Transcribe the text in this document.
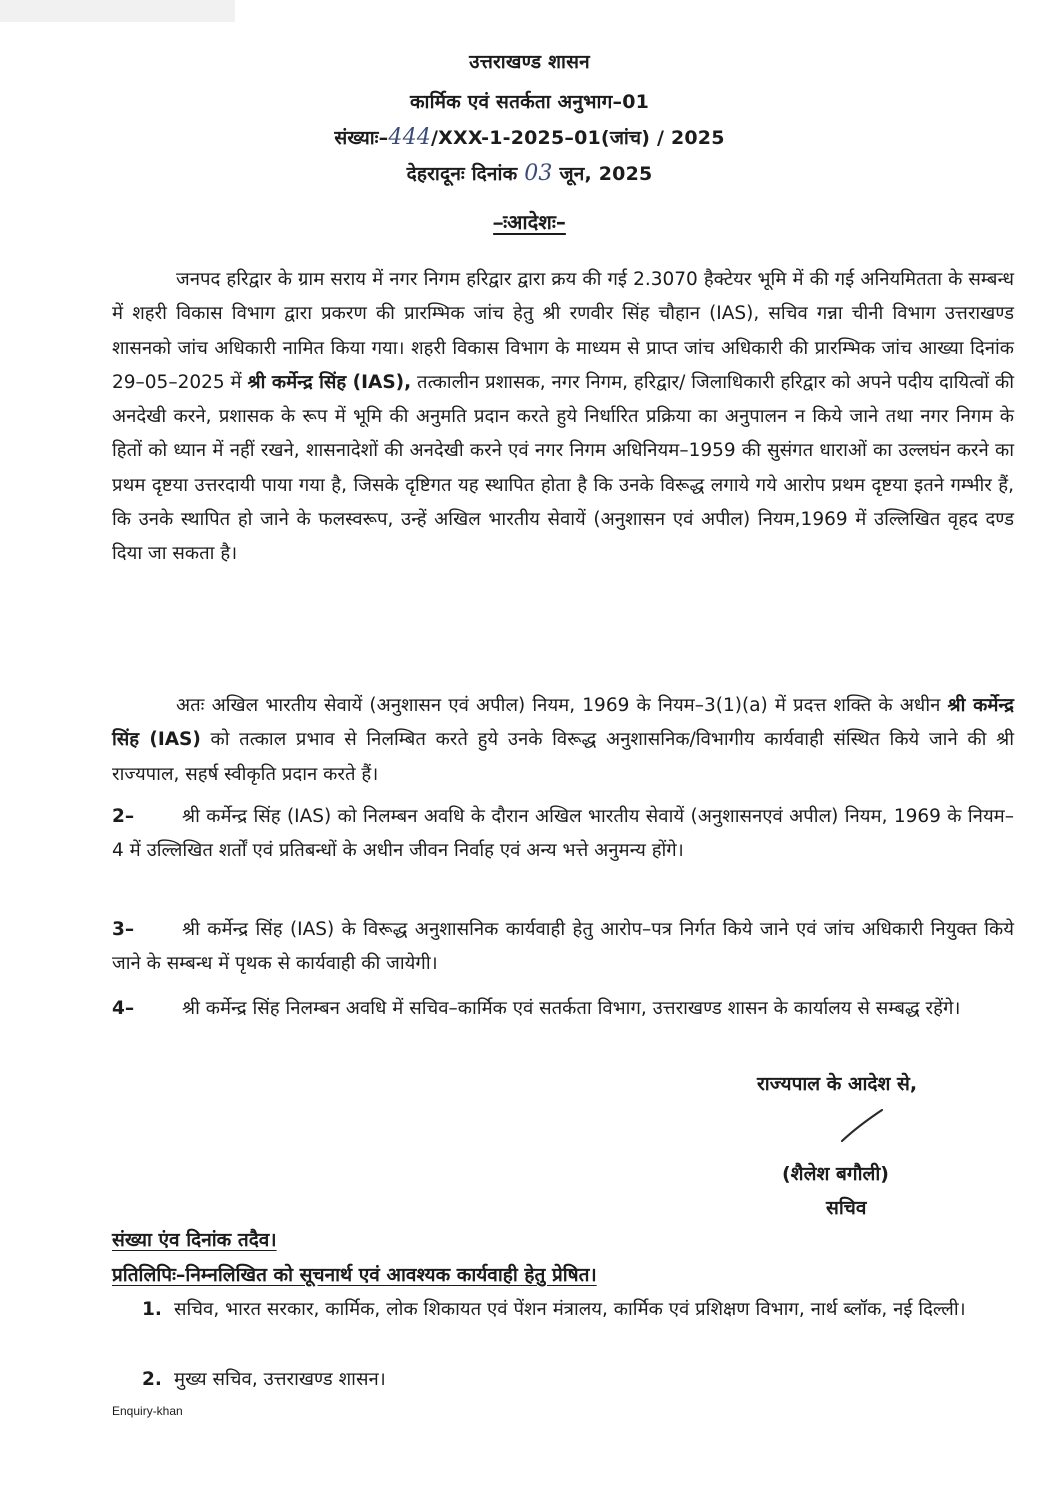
उत्तराखण्ड शासन
कार्मिक एवं सतर्कता अनुभाग–01
संख्याः–444/XXX-1-2025–01(जांच) / 2025
देहरादूनः दिनांक 03 जून, 2025
–ःआदेशः–

जनपद हरिद्वार के ग्राम सराय में नगर निगम हरिद्वार द्वारा क्रय की गई 2.3070 हैक्टेयर भूमि में की गई अनियमितता के सम्बन्ध में शहरी विकास विभाग द्वारा प्रकरण की प्रारम्भिक जांच हेतु श्री रणवीर सिंह चौहान (IAS), सचिव गन्ना चीनी विभाग उत्तराखण्ड शासनको जांच अधिकारी नामित किया गया। शहरी विकास विभाग के माध्यम से प्राप्त जांच अधिकारी की प्रारम्भिक जांच आख्या दिनांक 29–05–2025 में श्री कर्मेन्द्र सिंह (IAS), तत्कालीन प्रशासक, नगर निगम, हरिद्वार/ जिलाधिकारी हरिद्वार को अपने पदीय दायित्वों की अनदेखी करने, प्रशासक के रूप में भूमि की अनुमति प्रदान करते हुये निर्धारित प्रक्रिया का अनुपालन न किये जाने तथा नगर निगम के हितों को ध्यान में नहीं रखने, शासनादेशों की अनदेखी करने एवं नगर निगम अधिनियम–1959 की सुसंगत धाराओं का उल्लघंन करने का प्रथम दृष्टया उत्तरदायी पाया गया है, जिसके दृष्टिगत यह स्थापित होता है कि उनके विरूद्ध लगाये गये आरोप प्रथम दृष्टया इतने गम्भीर हैं, कि उनके स्थापित हो जाने के फलस्वरूप, उन्हें अखिल भारतीय सेवायें (अनुशासन एवं अपील) नियम,1969 में उल्लिखित वृहद दण्ड दिया जा सकता है।

अतः अखिल भारतीय सेवायें (अनुशासन एवं अपील) नियम, 1969 के नियम–3(1)(a) में प्रदत्त शक्ति के अधीन श्री कर्मेन्द्र सिंह (IAS) को तत्काल प्रभाव से निलम्बित करते हुये उनके विरूद्ध अनुशासनिक/विभागीय कार्यवाही संस्थित किये जाने की श्री राज्यपाल, सहर्ष स्वीकृति प्रदान करते हैं।

2–	श्री कर्मेन्द्र सिंह (IAS) को निलम्बन अवधि के दौरान अखिल भारतीय सेवायें (अनुशासनएवं अपील) नियम, 1969 के नियम–4 में उल्लिखित शर्तों एवं प्रतिबन्धों के अधीन जीवन निर्वाह एवं अन्य भत्ते अनुमन्य होंगे।

3–	श्री कर्मेन्द्र सिंह (IAS) के विरूद्ध अनुशासनिक कार्यवाही हेतु आरोप–पत्र निर्गत किये जाने एवं जांच अधिकारी नियुक्त किये जाने के सम्बन्ध में पृथक से कार्यवाही की जायेगी।

4–	श्री कर्मेन्द्र सिंह निलम्बन अवधि में सचिव–कार्मिक एवं सतर्कता विभाग, उत्तराखण्ड शासन के कार्यालय से सम्बद्ध रहेंगे।

राज्यपाल के आदेश से,
(शैलेश बगौली)
सचिव
संख्या एंव दिनांक तदैव।
प्रतिलिपिः–निम्नलिखित को सूचनार्थ एवं आवश्यक कार्यवाही हेतु प्रेषित।

1. सचिव, भारत सरकार, कार्मिक, लोक शिकायत एवं पेंशन मंत्रालय, कार्मिक एवं प्रशिक्षण विभाग, नार्थ ब्लॉक, नई दिल्ली।

2. मुख्य सचिव, उत्तराखण्ड शासन।

Enquiry-khan
